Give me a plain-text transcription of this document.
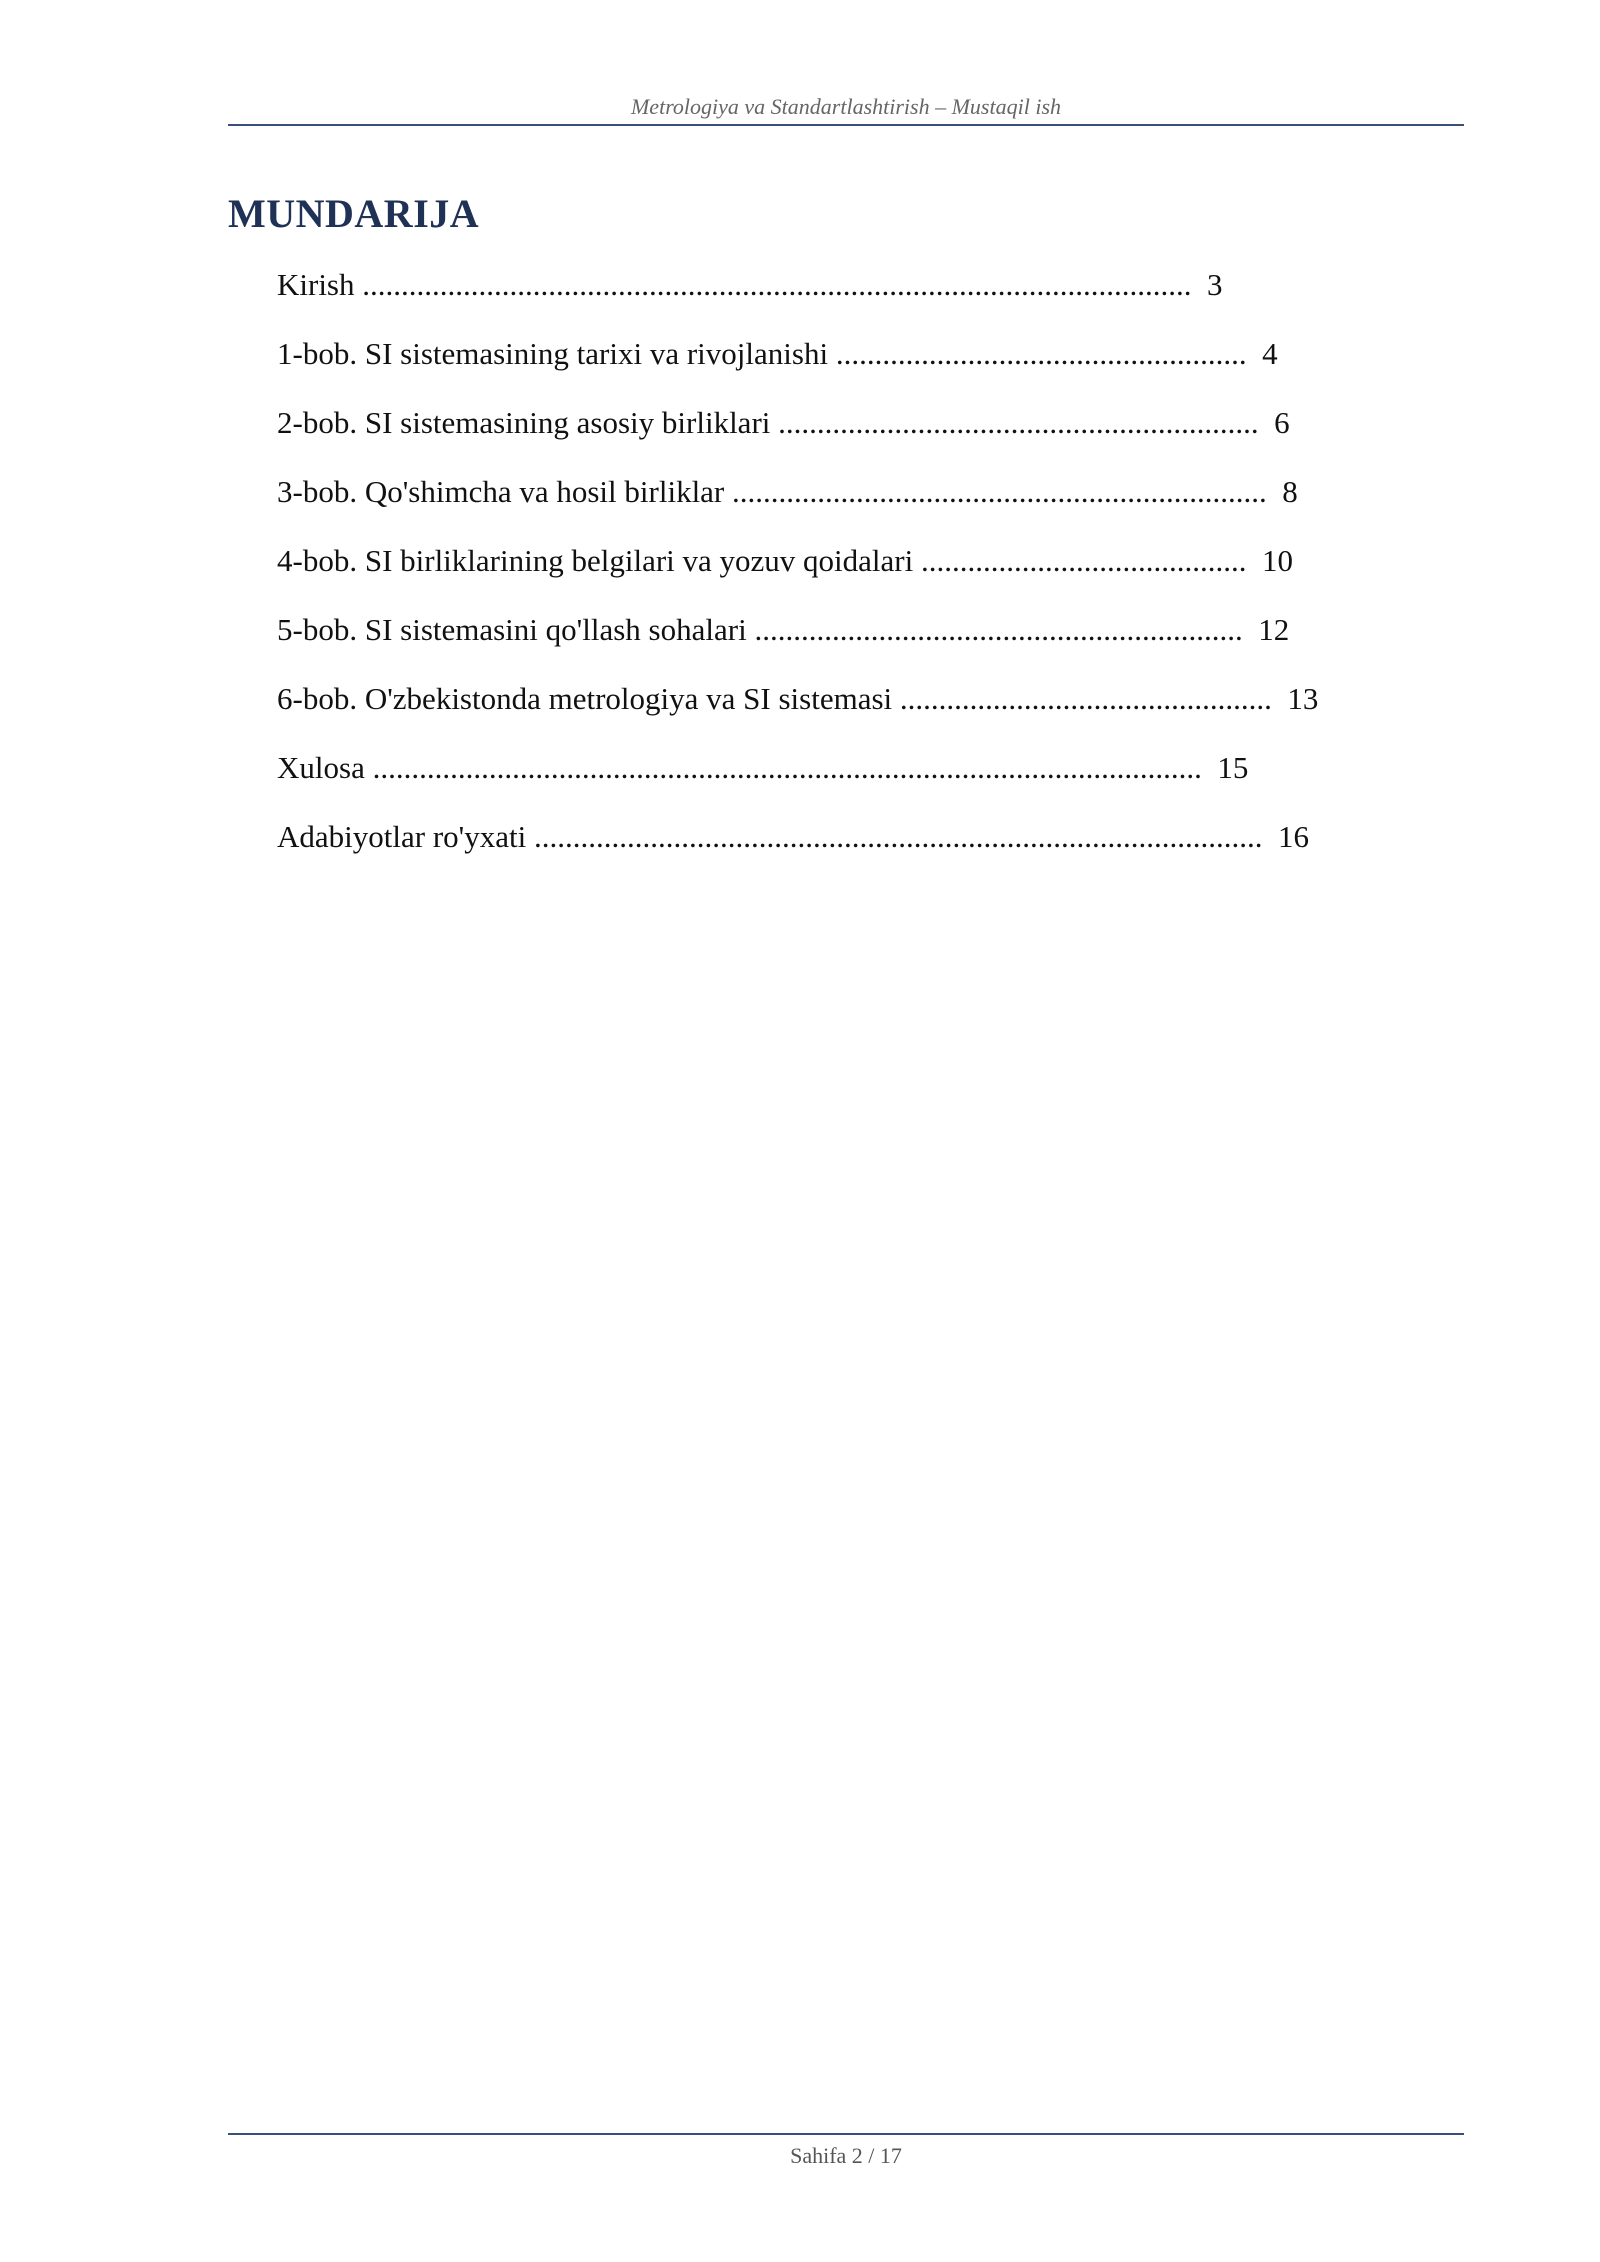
Metrologiya va Standartlashtirish – Mustaqil ish
MUNDARIJA
Kirish ........................................................................................................... 3
1-bob. SI sistemasining tarixi va rivojlanishi ..................................................... 4
2-bob. SI sistemasining asosiy birliklari .............................................................. 6
3-bob. Qo'shimcha va hosil birliklar ..................................................................... 8
4-bob. SI birliklarining belgilari va yozuv qoidalari .......................................... 10
5-bob. SI sistemasini qo'llash sohalari ............................................................... 12
6-bob. O'zbekistonda metrologiya va SI sistemasi ................................................ 13
Xulosa ........................................................................................................... 15
Adabiyotlar ro'yxati .............................................................................................. 16
Sahifa 2 / 17
